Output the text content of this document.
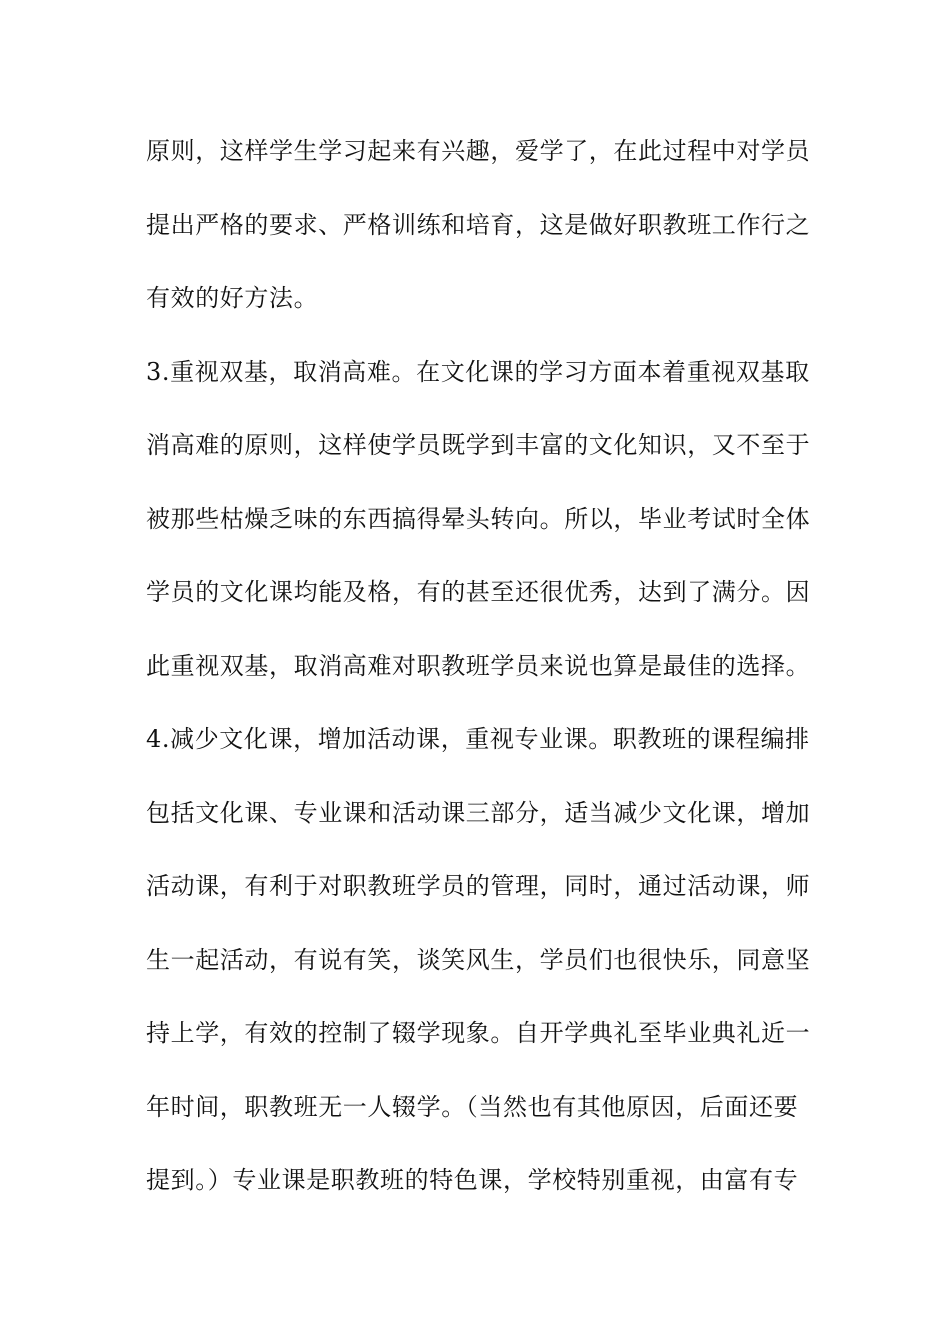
原则，这样学生学习起来有兴趣，爱学了，在此过程中对学员
提出严格的要求、严格训练和培育，这是做好职教班工作行之
有效的好方法。
3.重视双基，取消高难。在文化课的学习方面本着重视双基取
消高难的原则，这样使学员既学到丰富的文化知识，又不至于
被那些枯燥乏味的东西搞得晕头转向。所以，毕业考试时全体
学员的文化课均能及格，有的甚至还很优秀，达到了满分。因
此重视双基，取消高难对职教班学员来说也算是最佳的选择。
4.减少文化课，增加活动课，重视专业课。职教班的课程编排
包括文化课、专业课和活动课三部分，适当减少文化课，增加
活动课，有利于对职教班学员的管理，同时，通过活动课，师
生一起活动，有说有笑，谈笑风生，学员们也很快乐，同意坚
持上学，有效的控制了辍学现象。自开学典礼至毕业典礼近一
年时间，职教班无一人辍学。（当然也有其他原因，后面还要
提到。）专业课是职教班的特色课，学校特别重视，由富有专
